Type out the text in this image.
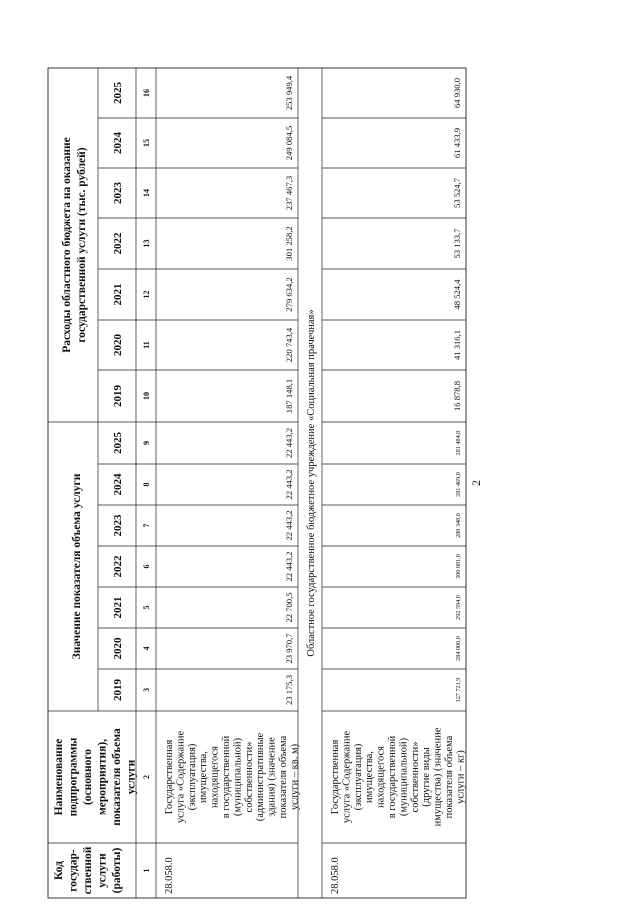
Код государ- ственной услуги (работы)
Наименование подпрограммы (основного мероприятия), показателя объема услуги
Значение показателя объема услуги
Расходы областного бюджета на оказание государственной услуги (тыс. рублей)
2019
2019
2020
2020
2021
2021
2022
2022
2023
2023
2024
2024
2025
2025
1
2
3
4
5
6
7
8
9
10
11
12
13
14
15
16
28.058.0
Государственная услуга «Содержание (эксплуатация) имущества, находящегося в государственной (муниципальной) собственности» (административные здания) (значение показателя объема услуги – кв. м)
23 175,3
23 970,7
22 700,5
22 443,2
22 443,2
22 443,2
22 443,2
187 148,1
220 743,4
279 634,2
301 258,2
237 467,3
249 084,5
253 949,4
Областное государственное бюджетное учреждение «Социальная прачечная»
28.058.0
Государственная услуга «Содержание (эксплуатация) имущества, находящегося в государственной (муниципальной) собственности» (другие виды имущества) (значение показателя объема услуги – кг)
127 721,9
284 000,0
292 594,0
300 081,0
280 348,0
281 469,0
281 484,0
16 878,8
41 316,1
48 524,4
53 133,7
53 524,7
61 433,9
64 930,0
2
